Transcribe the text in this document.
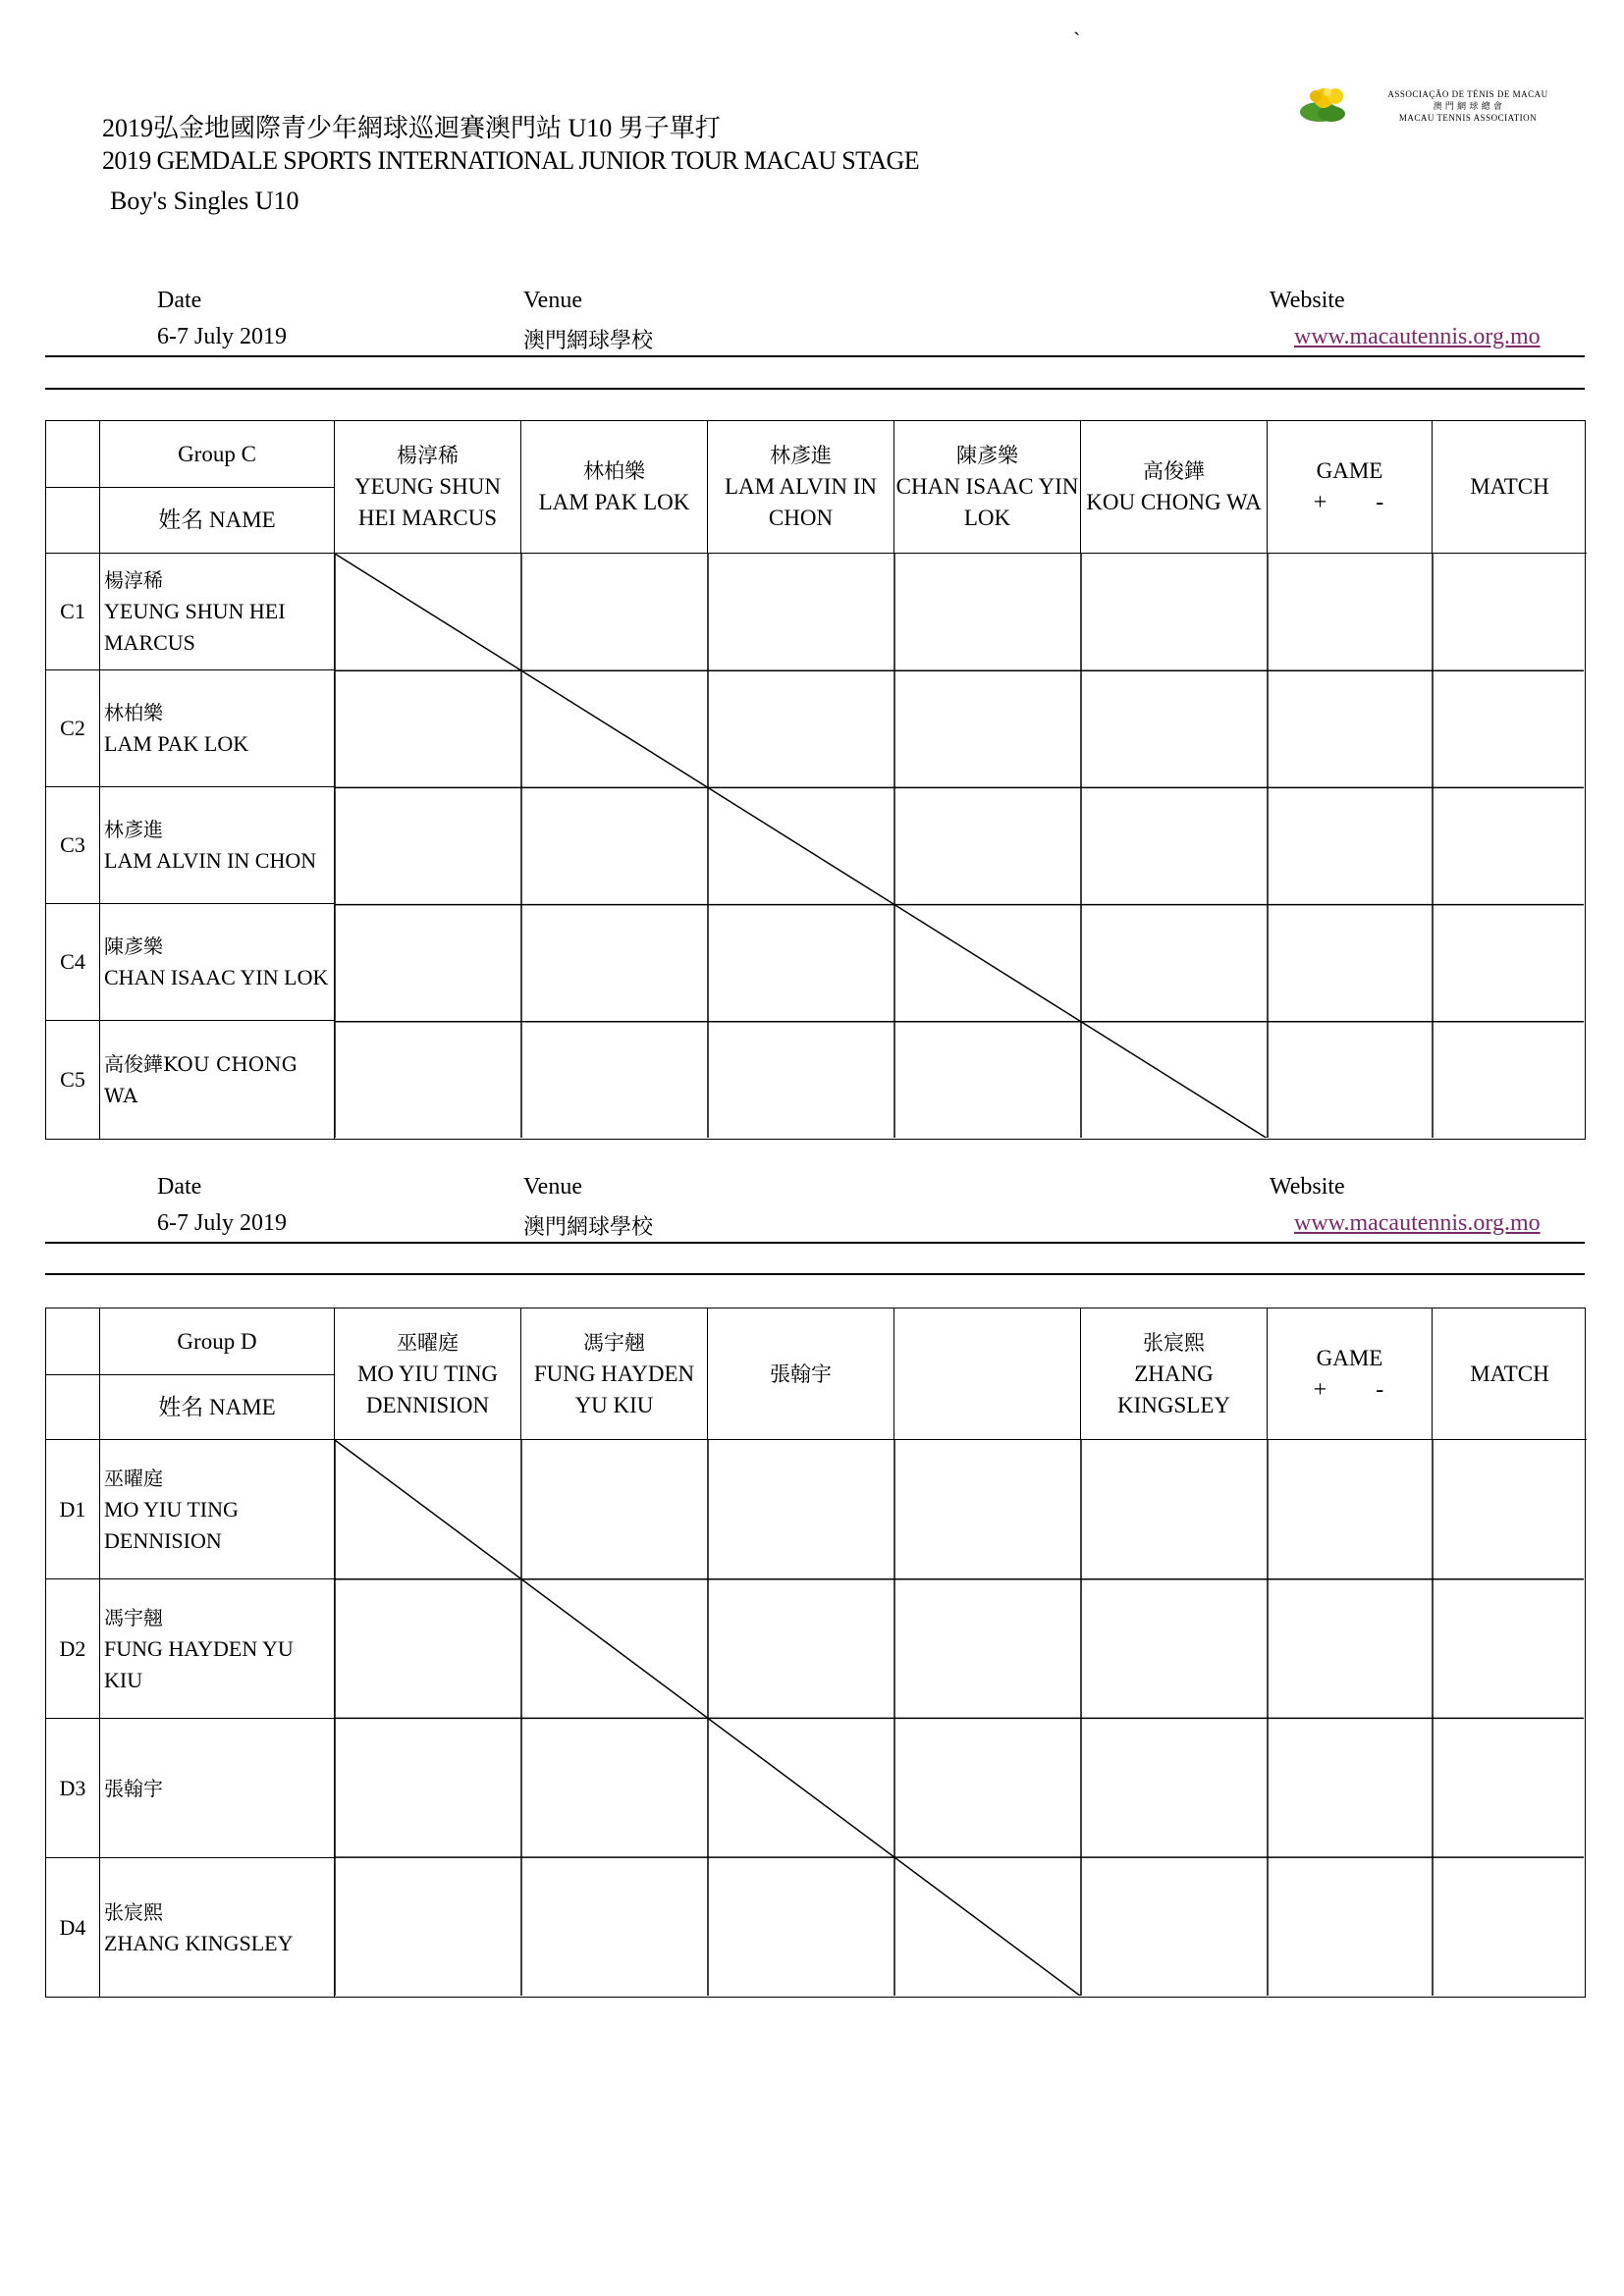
`
2019弘金地國際青少年網球巡迴賽澳門站 U10 男子單打
2019 GEMDALE SPORTS INTERNATIONAL JUNIOR TOUR MACAU STAGE
Boy's Singles U10
ASSOCIAÇÃO DE TÉNIS DE MACAU
澳 門 網 球 總 會
MACAU TENNIS ASSOCIATION
Date
6-7 July 2019
Venue
澳門網球學校
Website
www.macautennis.org.mo
Group C
姓名 NAME
楊淳稀
YEUNG SHUN HEI MARCUS
林柏樂
LAM PAK LOK
林彥進
LAM ALVIN IN CHON
陳彥樂
CHAN ISAAC YIN LOK
高俊鏵
KOU CHONG WA
GAME
+      -
MATCH
C1
楊淳稀
YEUNG SHUN HEI MARCUS
C2
林柏樂
LAM PAK LOK
C3
林彥進
LAM ALVIN IN CHON
C4
陳彥樂
CHAN ISAAC YIN LOK
C5
高俊鏵KOU CHONG WA
Date
6-7 July 2019
Venue
澳門網球學校
Website
www.macautennis.org.mo
Group D
姓名 NAME
巫曜庭
MO YIU TING DENNISION
馮宇翹
FUNG HAYDEN YU KIU
張翰宇
张宸熙
ZHANG KINGSLEY
GAME
+      -
MATCH
D1
巫曜庭
MO YIU TING DENNISION
D2
馮宇翹
FUNG HAYDEN YU KIU
D3 張翰宇
D4
张宸熙
ZHANG KINGSLEY
